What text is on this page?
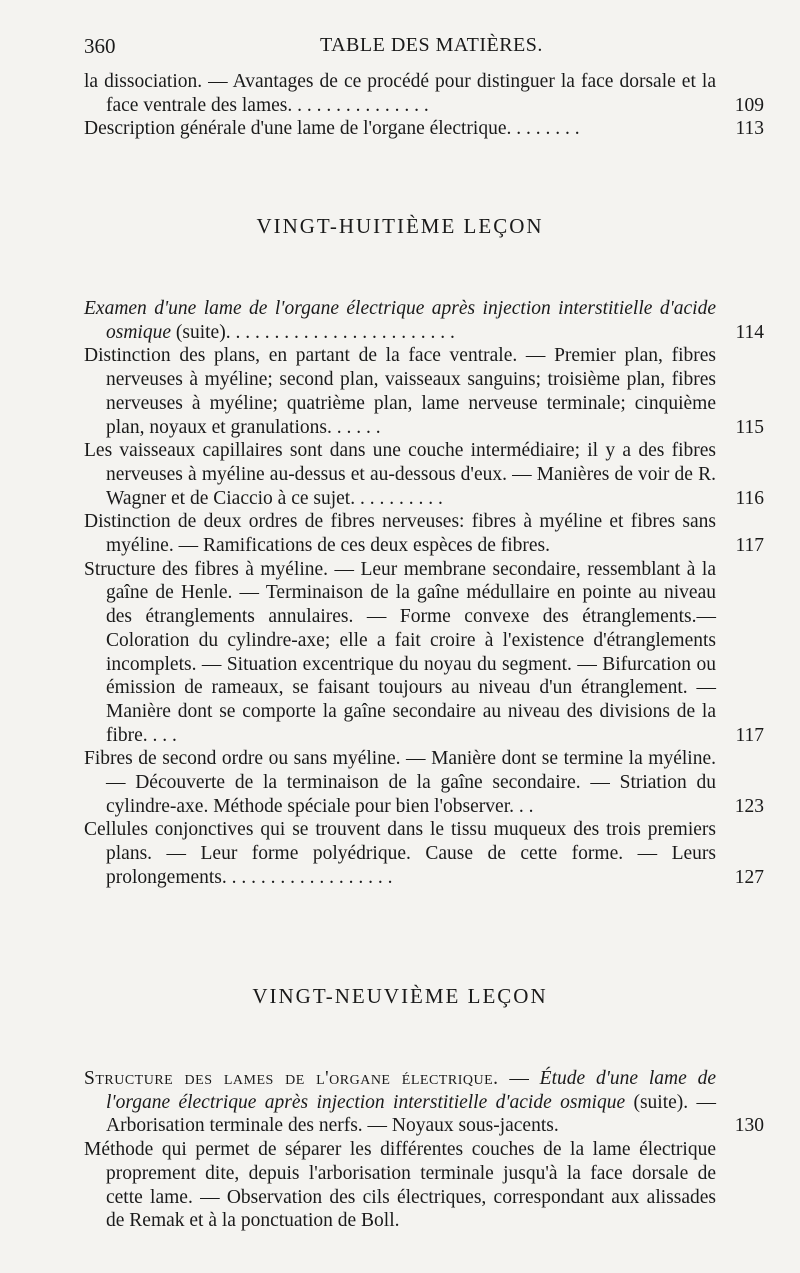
360	TABLE DES MATIÈRES.
la dissociation. — Avantages de ce procédé pour distinguer la face dorsale et la face ventrale des lames. . . . . . . . . . . . . . .	109
Description générale d'une lame de l'organe électrique. . . . . . . .	113
VINGT-HUITIÈME LEÇON
Examen d'une lame de l'organe électrique après injection interstitielle d'acide osmique (suite). . . . . . . . . . . . . . . . . . . . . . . .	114
Distinction des plans, en partant de la face ventrale. — Premier plan, fibres nerveuses à myéline; second plan, vaisseaux sanguins; troisième plan, fibres nerveuses à myéline; quatrième plan, lame nerveuse terminale; cinquième plan, noyaux et granulations. . . . . .	115
Les vaisseaux capillaires sont dans une couche intermédiaire; il y a des fibres nerveuses à myéline au-dessus et au-dessous d'eux. — Manières de voir de R. Wagner et de Ciaccio à ce sujet. . . . . . . . . .	116
Distinction de deux ordres de fibres nerveuses: fibres à myéline et fibres sans myéline. — Ramifications de ces deux espèces de fibres.	117
Structure des fibres à myéline. — Leur membrane secondaire, ressemblant à la gaîne de Henle. — Terminaison de la gaîne médullaire en pointe au niveau des étranglements annulaires. — Forme convexe des étranglements.— Coloration du cylindre-axe; elle a fait croire à l'existence d'étranglements incomplets. — Situation excentrique du noyau du segment. — Bifurcation ou émission de rameaux, se faisant toujours au niveau d'un étranglement. — Manière dont se comporte la gaîne secondaire au niveau des divisions de la fibre. . . .	117
Fibres de second ordre ou sans myéline. — Manière dont se termine la myéline. — Découverte de la terminaison de la gaîne secondaire. — Striation du cylindre-axe. Méthode spéciale pour bien l'observer. . .	123
Cellules conjonctives qui se trouvent dans le tissu muqueux des trois premiers plans. — Leur forme polyédrique. Cause de cette forme. — Leurs prolongements. . . . . . . . . . . . . . . . . .	127
VINGT-NEUVIÈME LEÇON
Structure des lames de l'organe électrique. — Étude d'une lame de l'organe électrique après injection interstitielle d'acide osmique (suite). — Arborisation terminale des nerfs. — Noyaux sous-jacents.	130
Méthode qui permet de séparer les différentes couches de la lame électrique proprement dite, depuis l'arborisation terminale jusqu'à la face dorsale de cette lame. — Observation des cils électriques, correspondant aux alissades de Remak et à la ponctuation de Boll.
